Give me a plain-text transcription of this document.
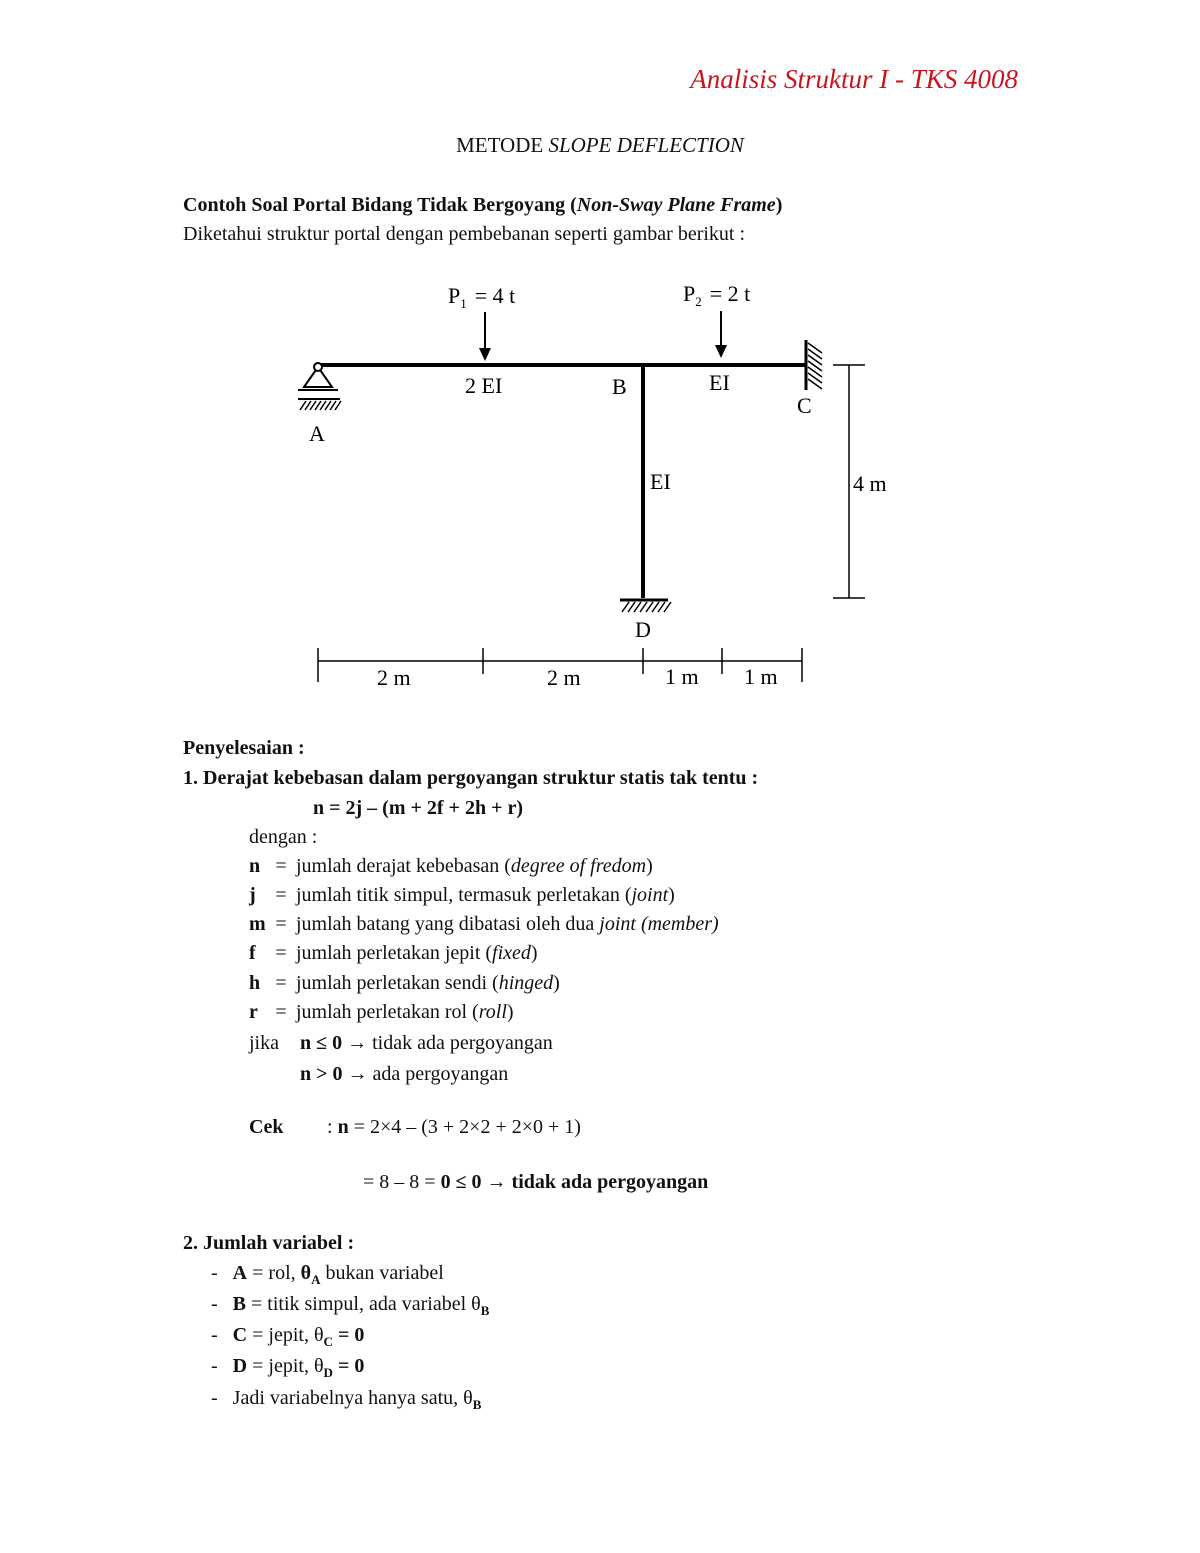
Analisis Struktur I - TKS 4008
METODE SLOPE DEFLECTION
Contoh Soal Portal Bidang Tidak Bergoyang (Non-Sway Plane Frame)
Diketahui struktur portal dengan pembebanan seperti gambar berikut :
$P_1 = 4$ t	$P_2 = 2$ t
2 EI	B	EI
C
A
EI
D
4 m
2 m	2 m	1 m 1 m
Penyelesaian :
1. Derajat kebebasan dalam pergoyangan struktur statis tak tentu :
n = 2j – (m + 2f + 2h + r)
dengan :
n = jumlah derajat kebebasan (degree of fredom)
j = jumlah titik simpul, termasuk perletakan (joint)
m = jumlah batang yang dibatasi oleh dua joint (member)
f = jumlah perletakan jepit (fixed)
h = jumlah perletakan sendi (hinged)
r = jumlah perletakan rol (roll)
jika n ≤ 0 → tidak ada pergoyangan
n > 0 → ada pergoyangan
Cek : n = 2×4 – (3 + 2×2 + 2×0 + 1)
= 8 – 8 = 0 ≤ 0 → tidak ada pergoyangan
2. Jumlah variabel :
- A = rol, $\theta_A$ bukan variabel
- B = titik simpul, ada variabel $\theta_B$
- C = jepit, $\theta_C = 0$
- D = jepit, $\theta_D = 0$
- Jadi variabelnya hanya satu, $\theta_B$
